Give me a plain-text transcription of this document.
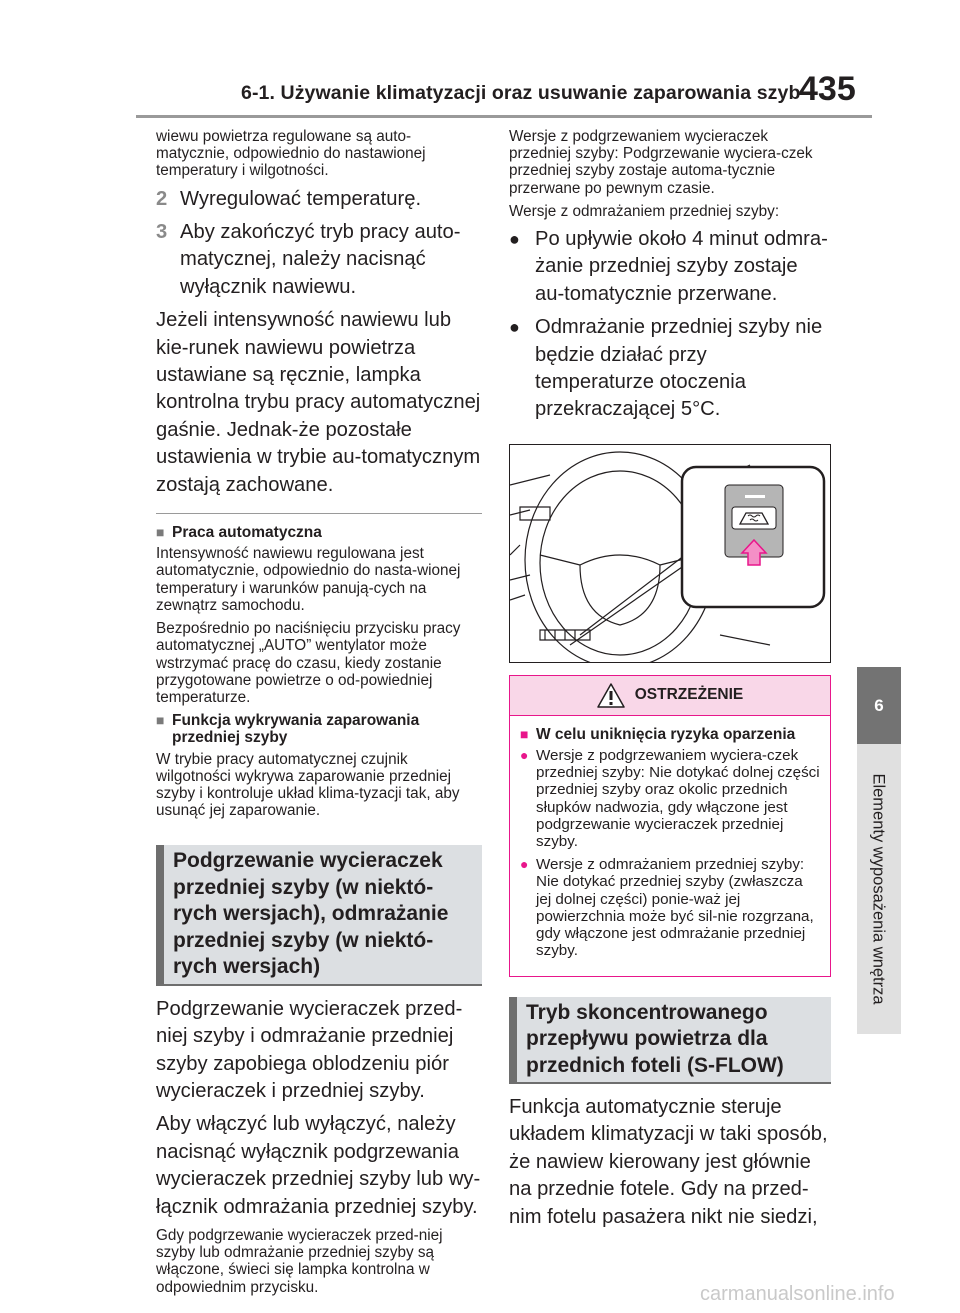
6-1. Używanie klimatyzacji oraz usuwanie zaparowania szyb
435
6
Elementy wyposażenia wnętrza

wiewu powietrza regulowane są auto-matycznie, odpowiednio do nastawionej temperatury i wilgotności.

2 Wyregulować temperaturę.
3 Aby zakończyć tryb pracy auto-matycznej, należy nacisnąć wyłącznik nawiewu.

Jeżeli intensywność nawiewu lub kie-runek nawiewu powietrza ustawiane są ręcznie, lampka kontrolna trybu pracy automatycznej gaśnie. Jednak-że pozostałe ustawienia w trybie au-tomatycznym zostają zachowane.

■ Praca automatyczna

Intensywność nawiewu regulowana jest automatycznie, odpowiednio do nasta-wionej temperatury i warunków panują-cych na zewnątrz samochodu.

Bezpośrednio po naciśnięciu przycisku pracy automatycznej „AUTO” wentylator może wstrzymać pracę do czasu, kiedy zostanie przygotowane powietrze o od-powiedniej temperaturze.

■ Funkcja wykrywania zaparowania przedniej szyby

W trybie pracy automatycznej czujnik wilgotności wykrywa zaparowanie przedniej szyby i kontroluje układ klima-tyzacji tak, aby usunąć jej zaparowanie.

Podgrzewanie wycieraczek przedniej szyby (w niektó-rych wersjach), odmrażanie przedniej szyby (w niektó-rych wersjach)

Podgrzewanie wycieraczek przed-niej szyby i odmrażanie przedniej szyby zapobiega oblodzeniu piór wycieraczek i przedniej szyby.

Aby włączyć lub wyłączyć, należy nacisnąć wyłącznik podgrzewania wycieraczek przedniej szyby lub wy-łącznik odmrażania przedniej szyby.

Gdy podgrzewanie wycieraczek przed-niej szyby lub odmrażanie przedniej szyby są włączone, świeci się lampka kontrolna w odpowiednim przycisku.

Wersje z podgrzewaniem wycieraczek przedniej szyby: Podgrzewanie wyciera-czek przedniej szyby zostaje automa-tycznie przerwane po pewnym czasie.

Wersje z odmrażaniem przedniej szyby:

● Po upływie około 4 minut odmra-żanie przedniej szyby zostaje au-tomatycznie przerwane.
● Odmrażanie przedniej szyby nie będzie działać przy temperaturze otoczenia przekraczającej 5°C.
OSTRZEŻENIE
■ W celu uniknięcia ryzyka oparzenia
● Wersje z podgrzewaniem wyciera-czek przedniej szyby: Nie dotykać dolnej części przedniej szyby oraz okolic przednich słupków nadwozia, gdy włączone jest podgrzewanie wycieraczek przedniej szyby.
● Wersje z odmrażaniem przedniej szyby: Nie dotykać przedniej szyby (zwłaszcza jej dolnej części) ponie-waż jej powierzchnia może być sil-nie rozgrzana, gdy włączone jest odmrażanie przedniej szyby.
Tryb skoncentrowanego przepływu powietrza dla przednich foteli (S-FLOW)

Funkcja automatycznie steruje układem klimatyzacji w taki sposób, że nawiew kierowany jest głównie na przednie fotele. Gdy na przed-nim fotelu pasażera nikt nie siedzi,

carmanualsonline.info
